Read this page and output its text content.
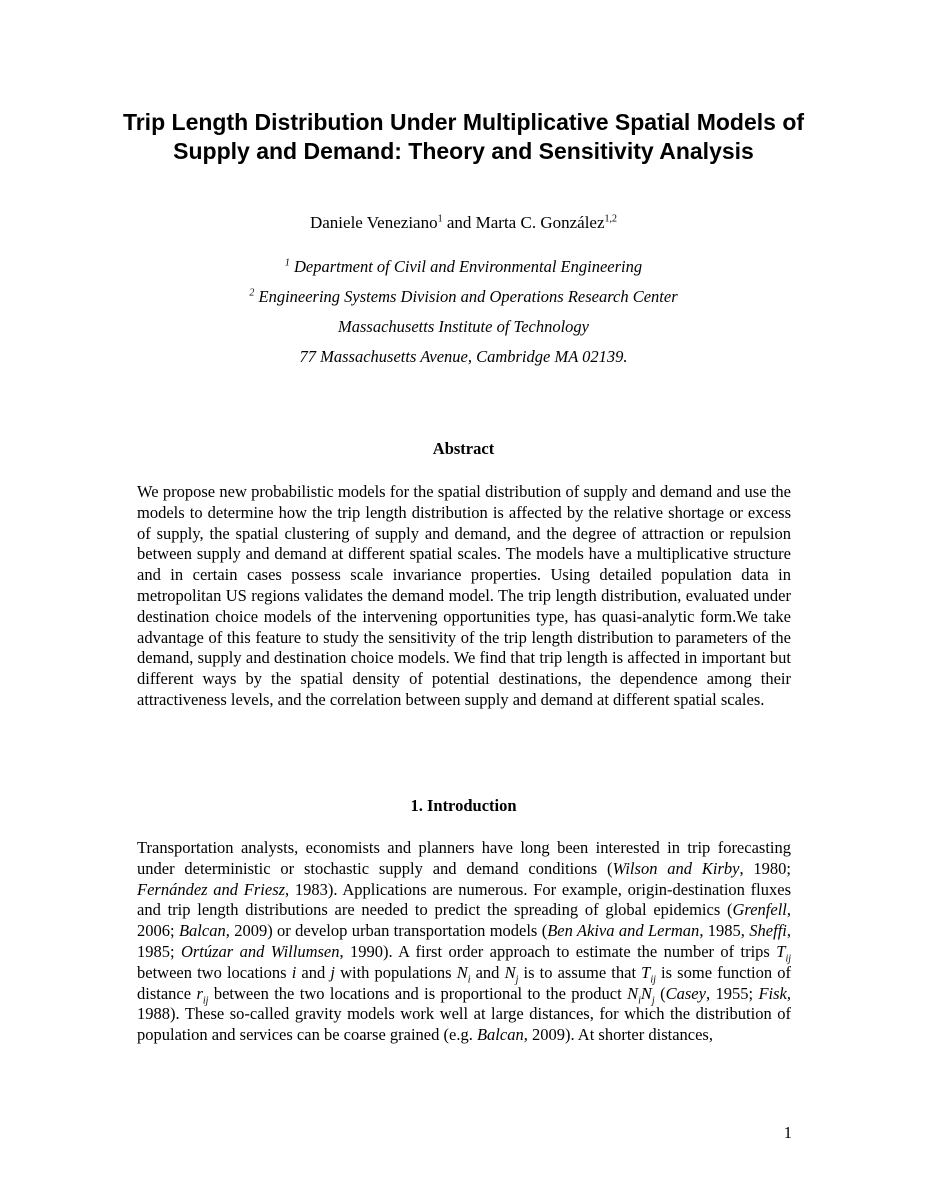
Trip Length Distribution Under Multiplicative Spatial Models of Supply and Demand: Theory and Sensitivity Analysis
Daniele Veneziano$^1$ and Marta C. González$^{1,2}$
$^1$ Department of Civil and Environmental Engineering
$^2$ Engineering Systems Division and Operations Research Center
Massachusetts Institute of Technology
77 Massachusetts Avenue, Cambridge MA 02139.
Abstract

We propose new probabilistic models for the spatial distribution of supply and demand and use the models to determine how the trip length distribution is affected by the relative shortage or excess of supply, the spatial clustering of supply and demand, and the degree of attraction or repulsion between supply and demand at different spatial scales. The models have a multiplicative structure and in certain cases possess scale invariance properties. Using detailed population data in metropolitan US regions validates the demand model. The trip length distribution, evaluated under destination choice models of the intervening opportunities type, has quasi-analytic form.We take advantage of this feature to study the sensitivity of the trip length distribution to parameters of the demand, supply and destination choice models. We find that trip length is affected in important but different ways by the spatial density of potential destinations, the dependence among their attractiveness levels, and the correlation between supply and demand at different spatial scales.

1. Introduction

Transportation analysts, economists and planners have long been interested in trip forecasting under deterministic or stochastic supply and demand conditions (Wilson and Kirby, 1980; Fernández and Friesz, 1983). Applications are numerous. For example, origin-destination fluxes and trip length distributions are needed to predict the spreading of global epidemics (Grenfell, 2006; Balcan, 2009) or develop urban transportation models (Ben Akiva and Lerman, 1985, Sheffi, 1985; Ortúzar and Willumsen, 1990). A first order approach to estimate the number of trips $T_{ij}$ between two locations i and j with populations $N_i$ and $N_j$ is to assume that $T_{ij}$ is some function of distance $r_{ij}$ between the two locations and is proportional to the product $N_iN_j$ (Casey, 1955; Fisk, 1988). These so-called gravity models work well at large distances, for which the distribution of population and services can be coarse grained (e.g. Balcan, 2009). At shorter distances,

1
